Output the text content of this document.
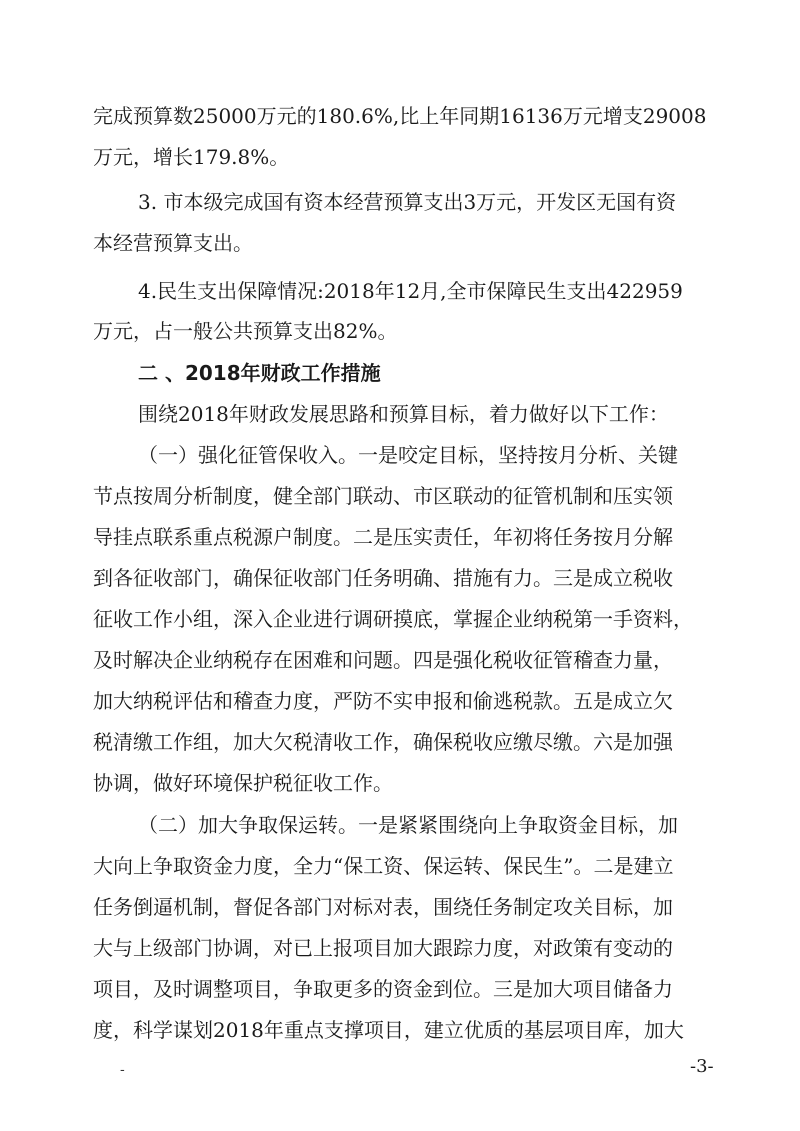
完成预算数25000万元的180.6%,比上年同期16136万元增支29008
万元，增长179.8%。
3. 市本级完成国有资本经营预算支出3万元，开发区无国有资
本经营预算支出。
4.民生支出保障情况:2018年12月,全市保障民生支出422959
万元，占一般公共预算支出82%。
二 、2018年财政工作措施
围绕2018年财政发展思路和预算目标，着力做好以下工作：
（一）强化征管保收入。一是咬定目标，坚持按月分析、关键
节点按周分析制度，健全部门联动、市区联动的征管机制和压实领
导挂点联系重点税源户制度。二是压实责任，年初将任务按月分解
到各征收部门，确保征收部门任务明确、措施有力。三是成立税收
征收工作小组，深入企业进行调研摸底，掌握企业纳税第一手资料，
及时解决企业纳税存在困难和问题。四是强化税收征管稽查力量，
加大纳税评估和稽查力度，严防不实申报和偷逃税款。五是成立欠
税清缴工作组，加大欠税清收工作，确保税收应缴尽缴。六是加强
协调，做好环境保护税征收工作。
（二）加大争取保运转。一是紧紧围绕向上争取资金目标，加
大向上争取资金力度，全力“保工资、保运转、保民生”。二是建立
任务倒逼机制，督促各部门对标对表，围绕任务制定攻关目标，加
大与上级部门协调，对已上报项目加大跟踪力度，对政策有变动的
项目，及时调整项目，争取更多的资金到位。三是加大项目储备力
度，科学谋划2018年重点支撑项目，建立优质的基层项目库，加大
-	-3-
